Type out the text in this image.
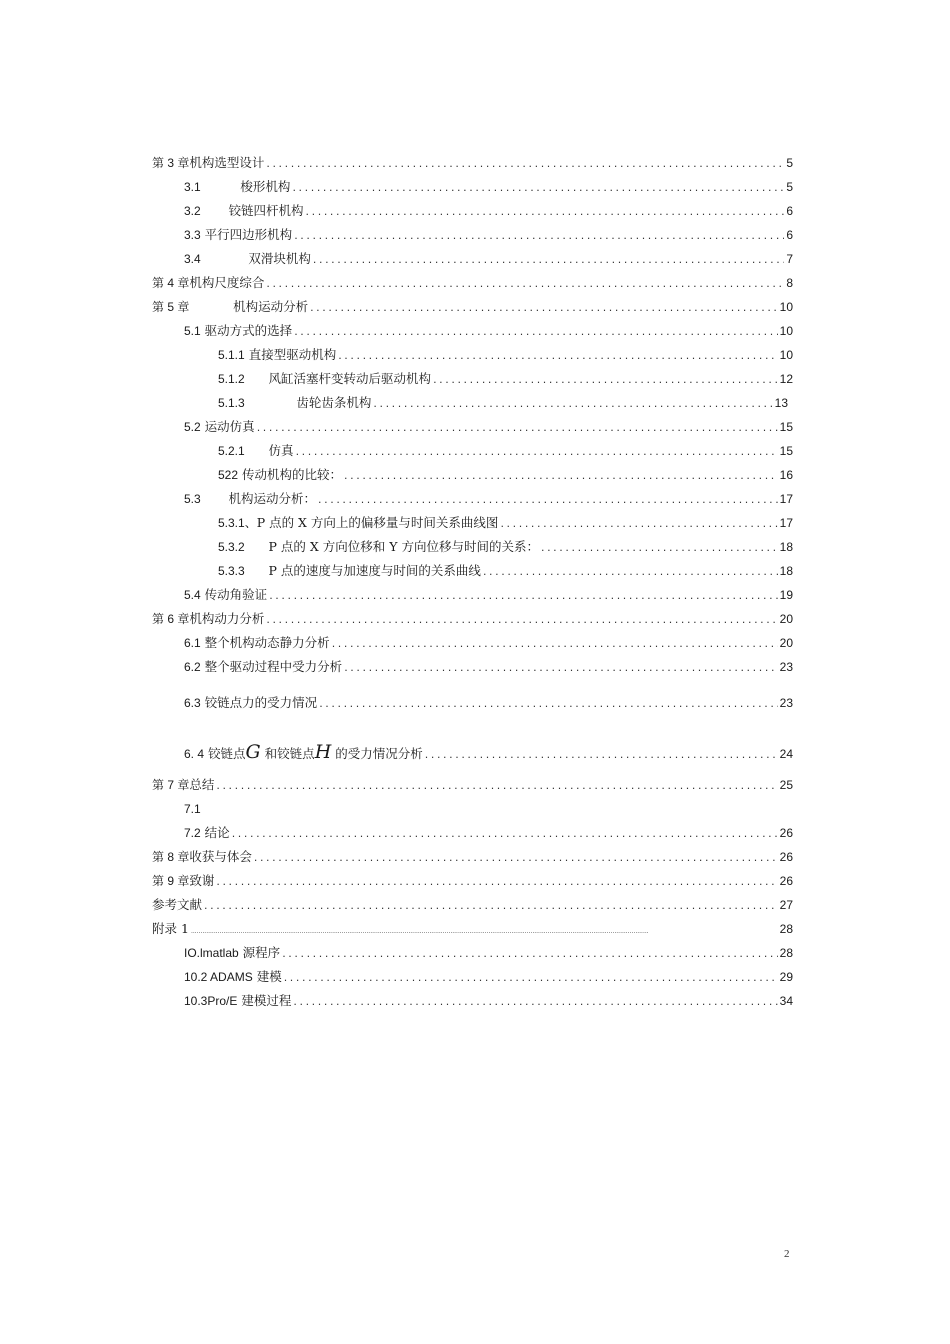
第 3 章机构选型设计 .....	5
3.1	梭形机构 .....	5
3.2 铰链四杆机构 .....	6
3.3 平行四边形机构 .....	6
3.4	双滑块机构 .....	7
第 4 章机构尺度综合 .....	8
第 5 章	机构运动分析 .....	10
5.1 驱动方式的选择 .....	10
5.1.1 直接型驱动机构 .....	10
5.1.2 风缸活塞杆变转动后驱动机构 .....	12
5.1.3	齿轮齿条机构 .....	13
5.2 运动仿真 .....	15
5.2.1 仿真 .....	15
522 传动机构的比较： .....	16
5.3 机构运动分析： .....	17
5.3.1、P 点的 X 方向上的偏移量与时间关系曲线图 .....	17
5.3.2 P 点的 X 方向位移和 Y 方向位移与时间的关系： .....	18
5.3.3 P 点的速度与加速度与时间的关系曲线 .....	18
5.4 传动角验证 .....	19
第 6 章机构动力分析 .....	20
6.1 整个机构动态静力分析 .....	20
6.2 整个驱动过程中受力分析 .....	23
6.3 铰链点力的受力情况 .....	23
6. 4 铰链点G 和铰链点H 的受力情况分析 .....	24
第 7 章总结 .....	25
7.1
7.2 结论 .....	26
第 8 章收获与体会 .....	26
第 9 章致谢 .....	26
参考文献 .....	27
附录 1 .....	28
IO.lmatlab 源程序 .....	28
10.2 ADAMS 建模 .....	29
10.3Pro/E 建模过程 .....	34
2
